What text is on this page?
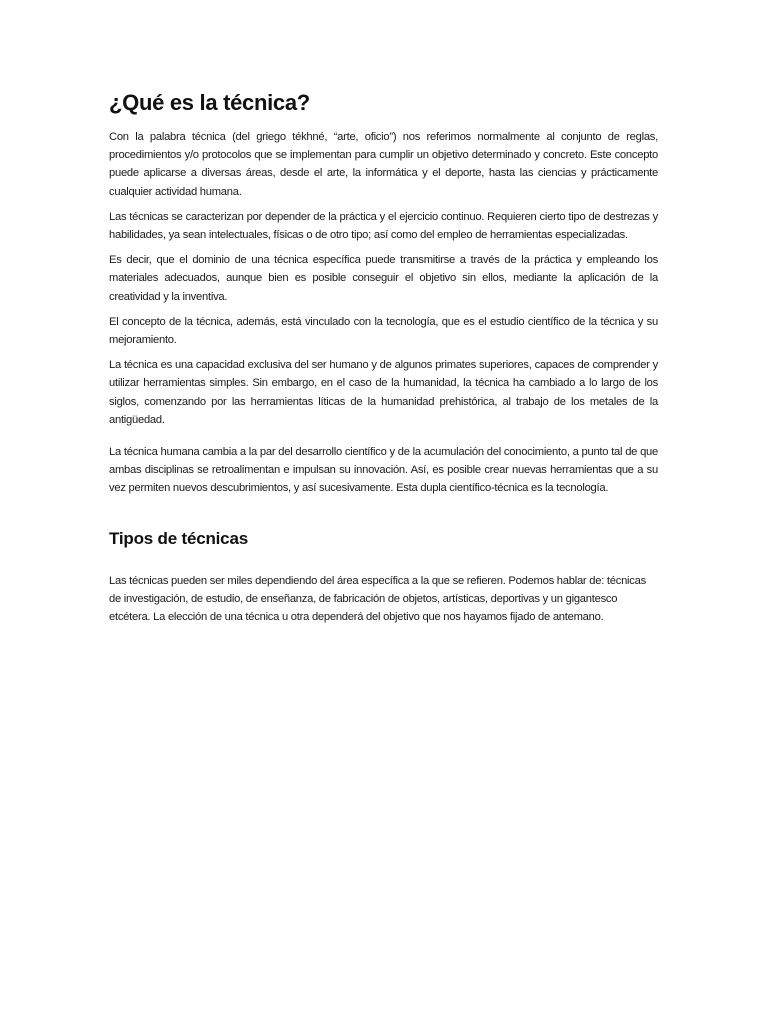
¿Qué es la técnica?

Con la palabra técnica (del griego tékhné, “arte, oficio”) nos referimos normalmente al conjunto de reglas, procedimientos y/o protocolos que se implementan para cumplir un objetivo determinado y concreto. Este concepto puede aplicarse a diversas áreas, desde el arte, la informática y el deporte, hasta las ciencias y prácticamente cualquier actividad humana.

Las técnicas se caracterizan por depender de la práctica y el ejercicio continuo. Requieren cierto tipo de destrezas y habilidades, ya sean intelectuales, físicas o de otro tipo; así como del empleo de herramientas especializadas.

Es decir, que el dominio de una técnica específica puede transmitirse a través de la práctica y empleando los materiales adecuados, aunque bien es posible conseguir el objetivo sin ellos, mediante la aplicación de la creatividad y la inventiva.

El concepto de la técnica, además, está vinculado con la tecnología, que es el estudio científico de la técnica y su mejoramiento.

La técnica es una capacidad exclusiva del ser humano y de algunos primates superiores, capaces de comprender y utilizar herramientas simples. Sin embargo, en el caso de la humanidad, la técnica ha cambiado a lo largo de los siglos, comenzando por las herramientas líticas de la humanidad prehistórica, al trabajo de los metales de la antigüedad.

La técnica humana cambia a la par del desarrollo científico y de la acumulación del conocimiento, a punto tal de que ambas disciplinas se retroalimentan e impulsan su innovación. Así, es posible crear nuevas herramientas que a su vez permiten nuevos descubrimientos, y así sucesivamente. Esta dupla científico-técnica es la tecnología.

Tipos de técnicas

Las técnicas pueden ser miles dependiendo del área específica a la que se refieren. Podemos hablar de: técnicas de investigación, de estudio, de enseñanza, de fabricación de objetos, artísticas, deportivas y un gigantesco etcétera. La elección de una técnica u otra dependerá del objetivo que nos hayamos fijado de antemano.
